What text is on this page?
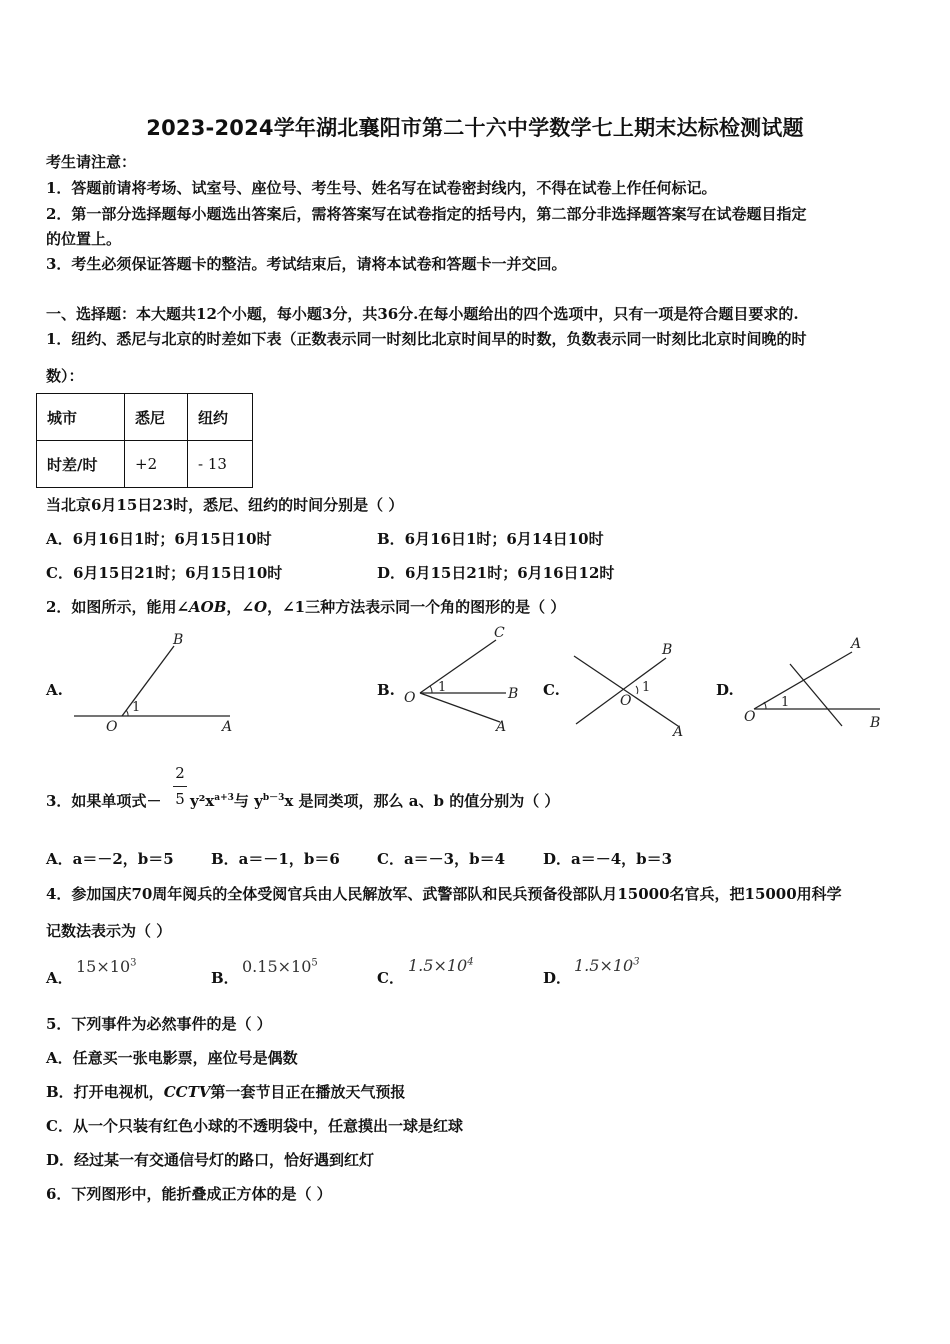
2023-2024学年湖北襄阳市第二十六中学数学七上期末达标检测试题
考生请注意：
1．答题前请将考场、试室号、座位号、考生号、姓名写在试卷密封线内，不得在试卷上作任何标记。
2．第一部分选择题每小题选出答案后，需将答案写在试卷指定的括号内，第二部分非选择题答案写在试卷题目指定
的位置上。
3．考生必须保证答题卡的整洁。考试结束后，请将本试卷和答题卡一并交回。
一、选择题：本大题共12个小题，每小题3分，共36分.在每小题给出的四个选项中，只有一项是符合题目要求的.
1．纽约、悉尼与北京的时差如下表（正数表示同一时刻比北京时间早的时数，负数表示同一时刻比北京时间晚的时
数）：
城市	悉尼	纽约
时差/时	+2	- 13
当北京6月15日23时，悉尼、纽约的时间分别是（ ）
A．6月16日1时；6月15日10时	B．6月16日1时；6月14日10时
C．6月15日21时；6月15日10时	D．6月15日21时；6月16日12时
2．如图所示，能用∠AOB，∠O，∠1三种方法表示同一个角的图形的是（ ）
A.	B.	C.	D.
B
O	A
1
C
O	B
A
1
B
O
A
1
A
O	B
1
2
5
3．如果单项式－ $y^2x^{a+3}$与 $y^{b-3}x$ 是同类项，那么 a、b 的值分别为（ ）
A．a＝－2，b＝5 B．a＝－1，b＝6 C．a＝－3，b＝4	D．a＝－4，b＝3
4．参加国庆70周年阅兵的全体受阅官兵由人民解放军、武警部队和民兵预备役部队月15000名官兵，把15000用科学
记数法表示为（ ）
A．
$15\times 10^3$
B．
$0.15\times 10^5$
C．
$1.5\times 10^4$
D．
$1.5\times 10^3$
5．下列事件为必然事件的是（ ）
A．任意买一张电影票，座位号是偶数
B．打开电视机，CCTV第一套节目正在播放天气预报
C．从一个只装有红色小球的不透明袋中，任意摸出一球是红球
D．经过某一有交通信号灯的路口，恰好遇到红灯
6．下列图形中，能折叠成正方体的是（ ）
